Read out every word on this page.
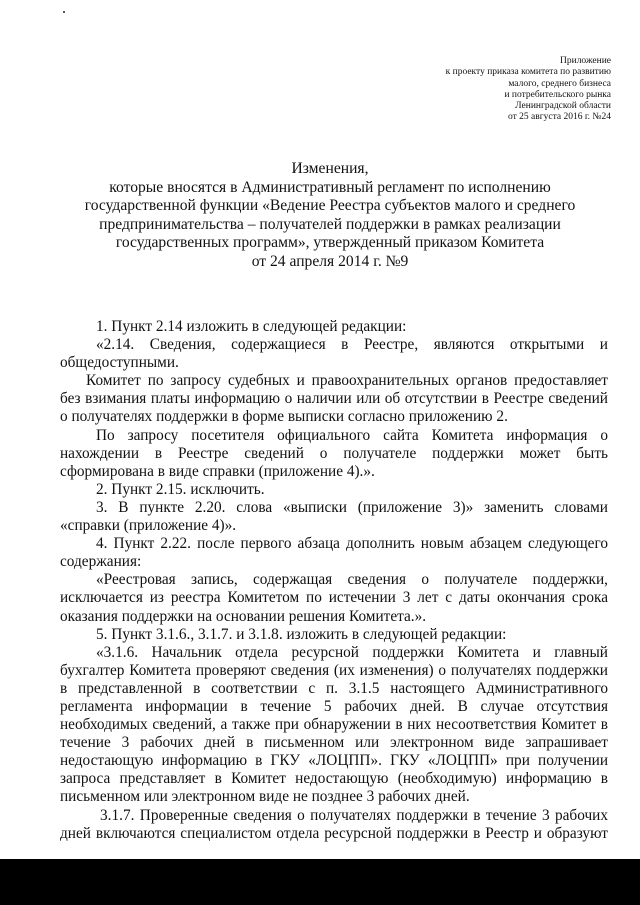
Приложение
к проекту приказа комитета по развитию
малого, среднего бизнеса
и потребительского рынка
Ленинградской области
от 25 августа 2016 г. №24
Изменения,
которые вносятся в Административный регламент по исполнению
государственной функции «Ведение Реестра субъектов малого и среднего
предпринимательства – получателей поддержки в рамках реализации
государственных программ», утвержденный приказом Комитета
от 24 апреля 2014 г. №9

1. Пункт 2.14 изложить в следующей редакции:

«2.14. Сведения, содержащиеся в Реестре, являются открытыми и общедоступными.

Комитет по запросу судебных и правоохранительных органов предоставляет без взимания платы информацию о наличии или об отсутствии в Реестре сведений о получателях поддержки в форме выписки согласно приложению 2.

По запросу посетителя официального сайта Комитета информация о нахождении в Реестре сведений о получателе поддержки может быть сформирована в виде справки (приложение 4).».

2. Пункт 2.15. исключить.

3. В пункте 2.20. слова «выписки (приложение 3)» заменить словами «справки (приложение 4)».

4. Пункт 2.22. после первого абзаца дополнить новым абзацем следующего содержания:

«Реестровая запись, содержащая сведения о получателе поддержки, исключается из реестра Комитетом по истечении 3 лет с даты окончания срока оказания поддержки на основании решения Комитета.».

5. Пункт 3.1.6., 3.1.7. и 3.1.8. изложить в следующей редакции:

«3.1.6. Начальник отдела ресурсной поддержки Комитета и главный бухгалтер Комитета проверяют сведения (их изменения) о получателях поддержки в представленной в соответствии с п. 3.1.5 настоящего Административного регламента информации в течение 5 рабочих дней. В случае отсутствия необходимых сведений, а также при обнаружении в них несоответствия Комитет в течение 3 рабочих дней в письменном или электронном виде запрашивает недостающую информацию в ГКУ «ЛОЦПП». ГКУ «ЛОЦПП» при получении запроса представляет в Комитет недостающую (необходимую) информацию в письменном или электронном виде не позднее 3 рабочих дней.

3.1.7. Проверенные сведения о получателях поддержки в течение 3 рабочих дней включаются специалистом отдела ресурсной поддержки в Реестр и образуют
